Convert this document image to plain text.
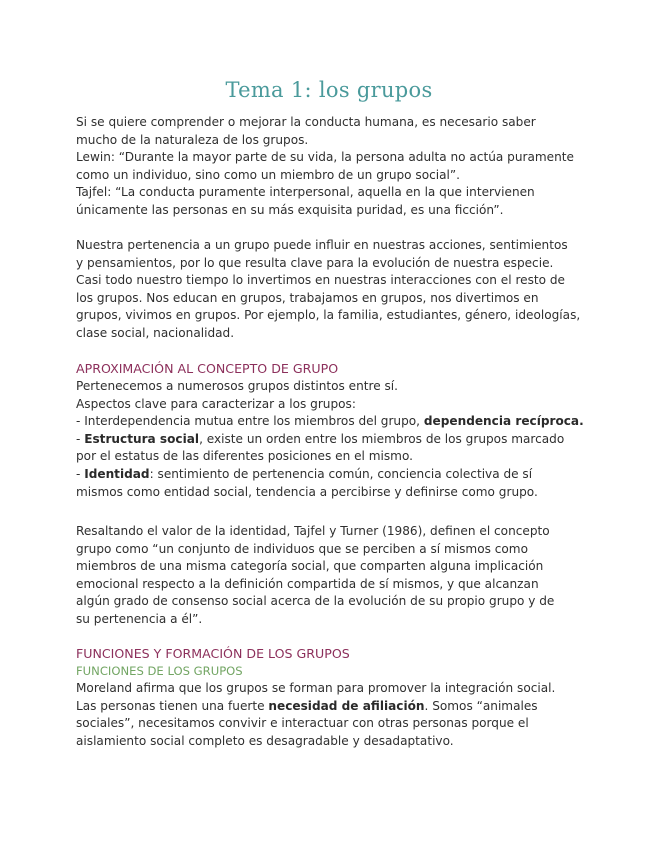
Tema 1: los grupos
Si se quiere comprender o mejorar la conducta humana, es necesario saber
mucho de la naturaleza de los grupos.
Lewin: “Durante la mayor parte de su vida, la persona adulta no actúa puramente
como un individuo, sino como un miembro de un grupo social”.
Tajfel: “La conducta puramente interpersonal, aquella en la que intervienen
únicamente las personas en su más exquisita puridad, es una ficción”.
Nuestra pertenencia a un grupo puede influir en nuestras acciones, sentimientos
y pensamientos, por lo que resulta clave para la evolución de nuestra especie.
Casi todo nuestro tiempo lo invertimos en nuestras interacciones con el resto de
los grupos. Nos educan en grupos, trabajamos en grupos, nos divertimos en
grupos, vivimos en grupos. Por ejemplo, la familia, estudiantes, género, ideologías,
clase social, nacionalidad.
APROXIMACIÓN AL CONCEPTO DE GRUPO
Pertenecemos a numerosos grupos distintos entre sí.
Aspectos clave para caracterizar a los grupos:
- Interdependencia mutua entre los miembros del grupo, dependencia recíproca.
- Estructura social, existe un orden entre los miembros de los grupos marcado
por el estatus de las diferentes posiciones en el mismo.
- Identidad: sentimiento de pertenencia común, conciencia colectiva de sí
mismos como entidad social, tendencia a percibirse y definirse como grupo.
Resaltando el valor de la identidad, Tajfel y Turner (1986), definen el concepto
grupo como “un conjunto de individuos que se perciben a sí mismos como
miembros de una misma categoría social, que comparten alguna implicación
emocional respecto a la definición compartida de sí mismos, y que alcanzan
algún grado de consenso social acerca de la evolución de su propio grupo y de
su pertenencia a él”.
FUNCIONES Y FORMACIÓN DE LOS GRUPOS
FUNCIONES DE LOS GRUPOS
Moreland afirma que los grupos se forman para promover la integración social.
Las personas tienen una fuerte necesidad de afiliación. Somos “animales
sociales”, necesitamos convivir e interactuar con otras personas porque el
aislamiento social completo es desagradable y desadaptativo.
